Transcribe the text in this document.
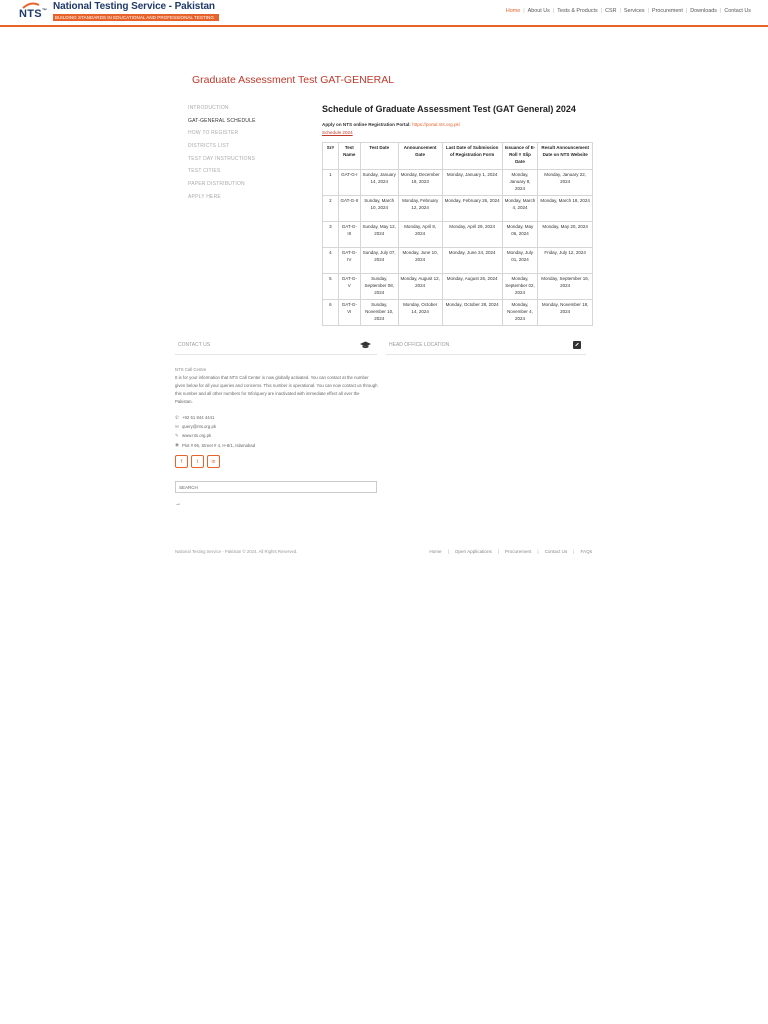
NTS™ National Testing Service - Pakistan
BUILDING STANDARDS IN EDUCATIONAL AND PROFESSIONAL TESTING
Home | About Us | Tests & Products | CSR | Services | Procurement | Downloads | Contact Us
Graduate Assessment Test GAT-GENERAL
INTRODUCTION
GAT-GENERAL SCHEDULE
HOW TO REGISTER
DISTRICTS LIST
TEST DAY INSTRUCTIONS
TEST CITIES
PAPER DISTRIBUTION
APPLY HERE
Schedule of Graduate Assessment Test (GAT General) 2024
Apply on NTS online Registration Portal: https://portal.nts.org.pk/
Schedule 2024
Sr#	Test Name	Test Date	Announcement Date	Last Date of Submission of Registration Form	Issuance of E-Roll # Slip Date	Result Announcement Date on NTS Website
1	GAT-G-I	Sunday, January 14, 2024	Monday, December 18, 2023	Monday, January 1, 2024	Monday, January 8, 2024	Monday, January 22, 2024
2	GAT-G-II	Sunday, March 10, 2024	Monday, February 12, 2024	Monday, February 26, 2024	Monday, March 4, 2024	Monday, March 18, 2024
3	GAT-G-III	Sunday, May 12, 2024	Monday, April 8, 2024	Monday, April 29, 2024	Monday, May 06, 2024	Monday, May 20, 2024
4	GAT-G-IV	Sunday, July 07, 2024	Monday, June 10, 2024	Monday, June 24, 2024	Monday, July 01, 2024	Friday, July 12, 2024
5	GAT-G-V	Sunday, September 08, 2024	Monday, August 12, 2024	Monday, August 26, 2024	Monday, September 02, 2024	Monday, September 16, 2024
6	GAT-G-VI	Sunday, November 10, 2024	Monday, October 14, 2024	Monday, October 28, 2024	Monday, November 4, 2024	Monday, November 18, 2024
CONTACT US	HEAD OFFICE LOCATION
NTS Call Centre
It is for your information that NTS Call Center is now globally activated. You can contact at the number given below for all your queries and concerns. This number is operational. You can now contact us through this number and all other numbers for Info/query are inactivated with immediate effect all over the Pakistan.
✆ +92 51 844 4441
✉ query@nts.org.pk
✎ www.nts.org.pk
◉ Plot # 96, Street # 4, H-8/1, Islamabad
f	t	in
SEARCH
→
National Testing Service - Pakistan © 2024. All Rights Reserved.	Home | Open Applications | Procurement | Contact Us | FAQs
